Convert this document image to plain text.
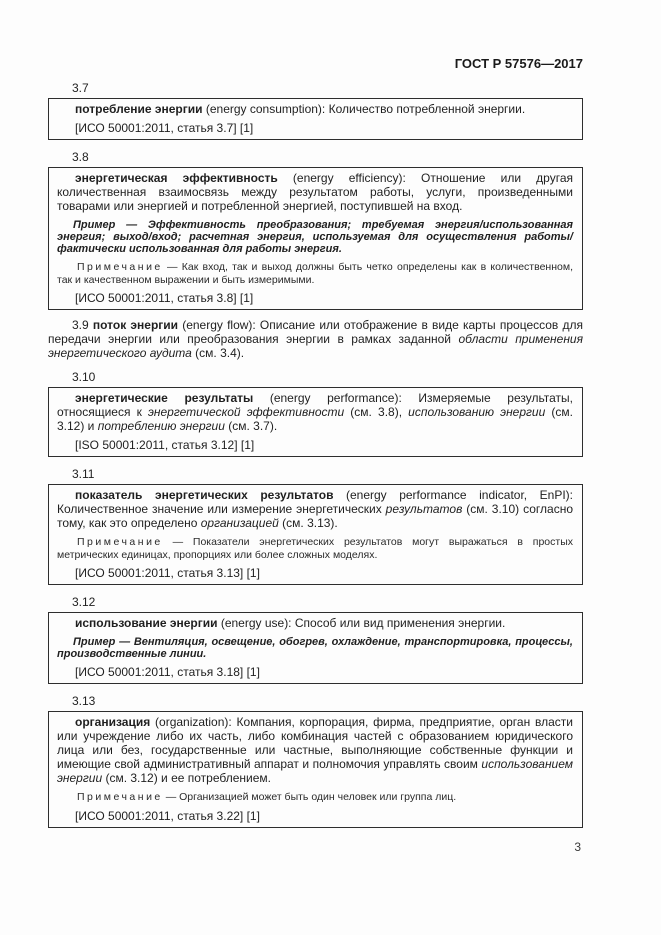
ГОСТ Р 57576—2017
3.7

потребление энергии (energy consumption): Количество потребленной энергии.

[ИСО 50001:2011, статья 3.7] [1]

3.8

энергетическая эффективность (energy efficiency): Отношение или другая количественная взаимосвязь между результатом работы, услуги, произведенными товарами или энергией и потребленной энергией, поступившей на вход.

Пример — Эффективность преобразования; требуемая энергия/использованная энергия; выход/вход; расчетная энергия, используемая для осуществления работы/фактически использованная для работы энергия.

Примечание — Как вход, так и выход должны быть четко определены как в количественном, так и качественном выражении и быть измеримыми.

[ИСО 50001:2011, статья 3.8] [1]

3.9 поток энергии (energy flow): Описание или отображение в виде карты процессов для передачи энергии или преобразования энергии в рамках заданной области применения энергетического аудита (см. 3.4).

3.10

энергетические результаты (energy performance): Измеряемые результаты, относящиеся к энергетической эффективности (см. 3.8), использованию энергии (см. 3.12) и потреблению энергии (см. 3.7).

[ISO 50001:2011, статья 3.12] [1]

3.11

показатель энергетических результатов (energy performance indicator, EnPI): Количественное значение или измерение энергетических результатов (см. 3.10) согласно тому, как это определено организацией (см. 3.13).

Примечание — Показатели энергетических результатов могут выражаться в простых метрических единицах, пропорциях или более сложных моделях.

[ИСО 50001:2011, статья 3.13] [1]

3.12

использование энергии (energy use): Способ или вид применения энергии.

Пример — Вентиляция, освещение, обогрев, охлаждение, транспортировка, процессы, производственные линии.

[ИСО 50001:2011, статья 3.18] [1]

3.13

организация (organization): Компания, корпорация, фирма, предприятие, орган власти или учреждение либо их часть, либо комбинация частей с образованием юридического лица или без, государственные или частные, выполняющие собственные функции и имеющие свой административный аппарат и полномочия управлять своим использованием энергии (см. 3.12) и ее потреблением.

Примечание — Организацией может быть один человек или группа лиц.

[ИСО 50001:2011, статья 3.22] [1]

3
